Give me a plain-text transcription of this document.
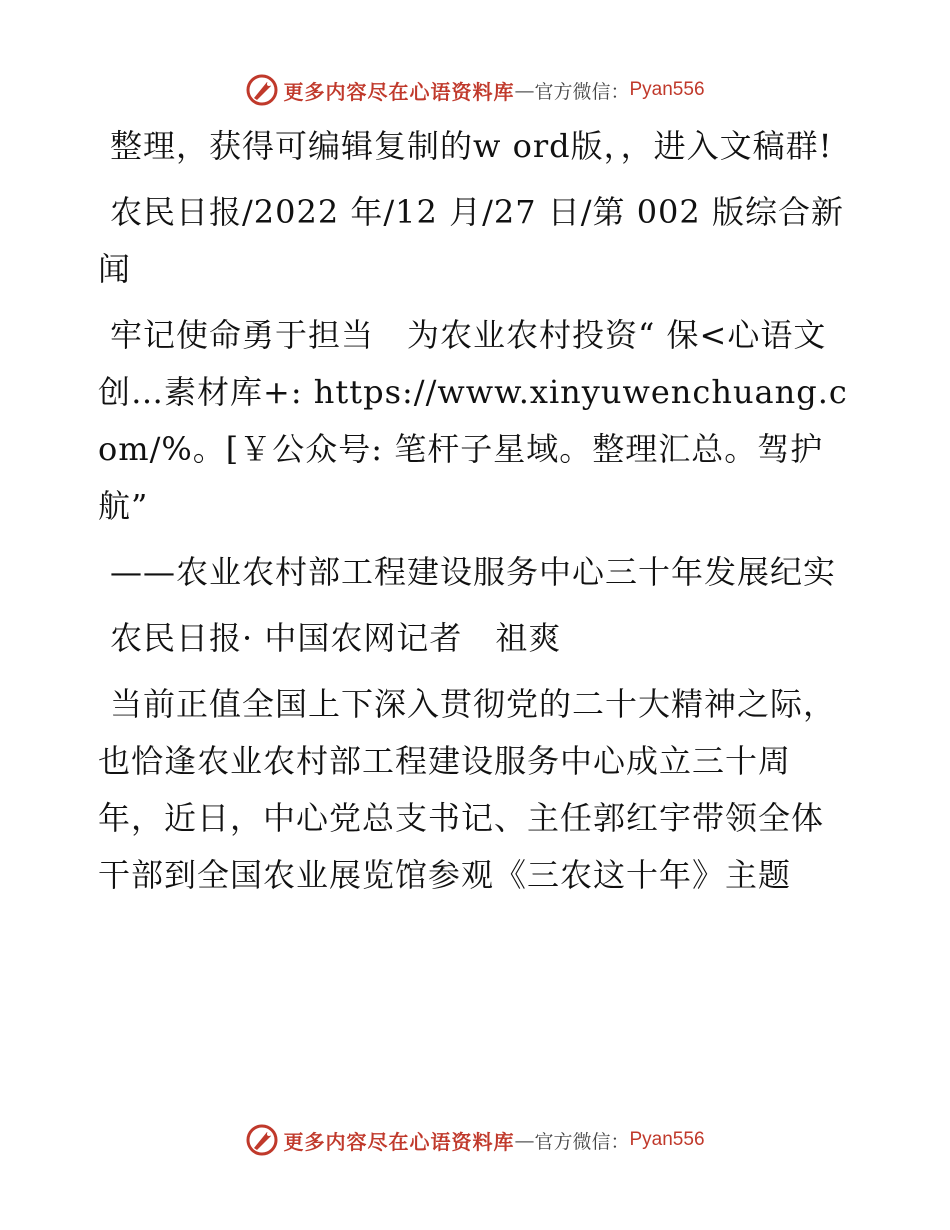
更多内容尽在心语资料库 — 官方微信： Pyan556

整理，获得可编辑复制的w ord版，，进入文稿群!

农民日报/2022 年/12 月/27 日/第 002 版综合新闻

牢记使命勇于担当　为农业农村投资“ 保<心语文创…素材库+: https://www.xinyuwenchuang.com/%。[￥公众号: 笔杆子星域。整理汇总。驾护航”

——农业农村部工程建设服务中心三十年发展纪实

农民日报· 中国农网记者　祖爽

当前正值全国上下深入贯彻党的二十大精神之际，也恰逢农业农村部工程建设服务中心成立三十周年，近日，中心党总支书记、主任郭红宇带领全体干部到全国农业展览馆参观《三农这十年》主题

更多内容尽在心语资料库 — 官方微信： Pyan556
